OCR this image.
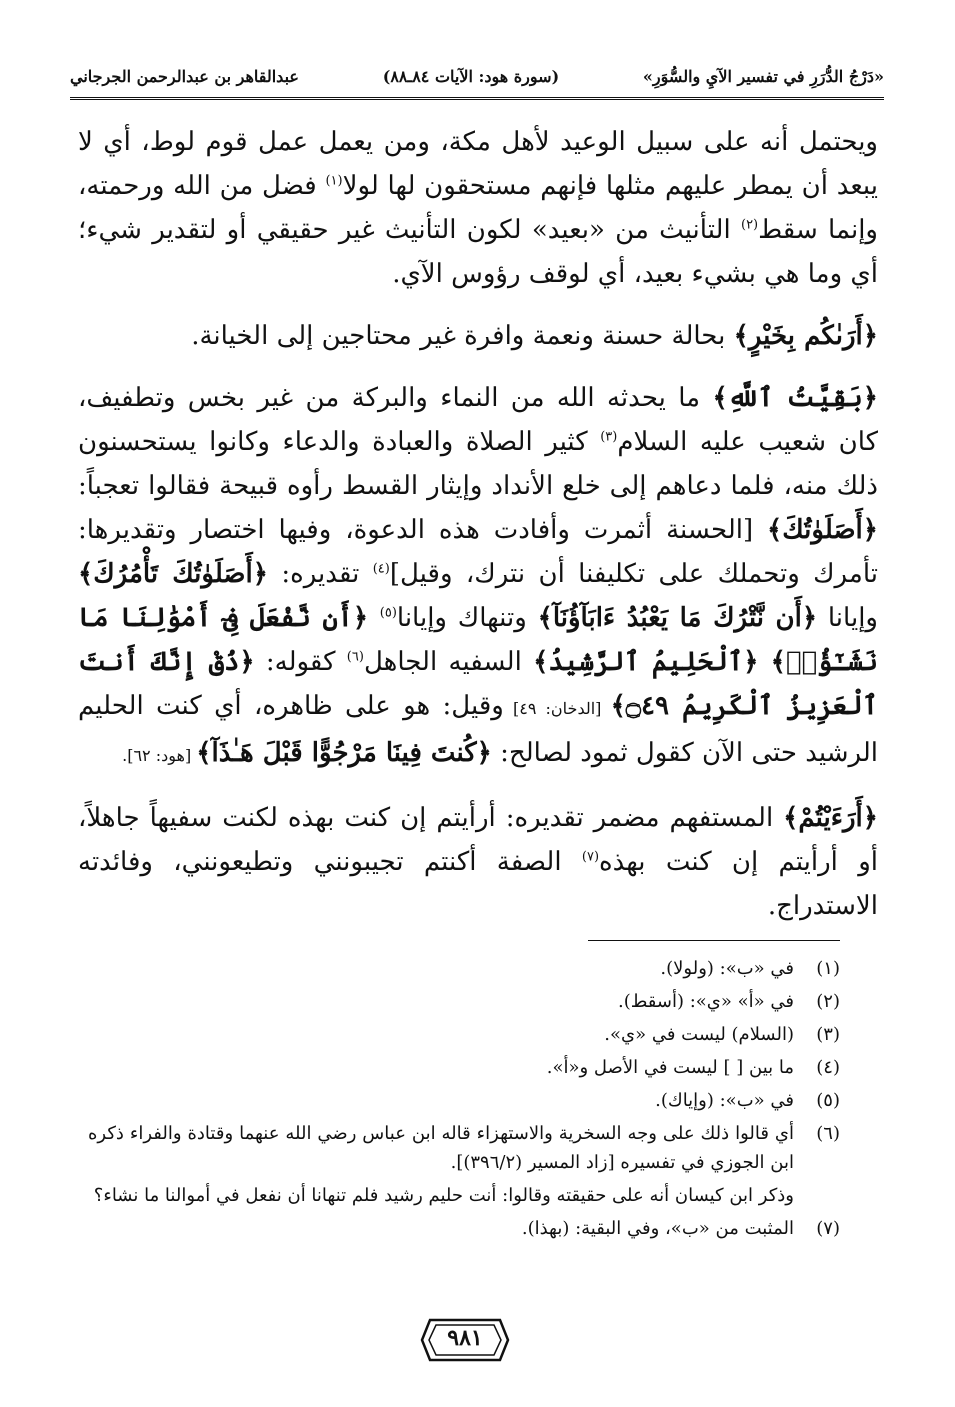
«دَرْجُ الدُّرَرِ في تفسير الآيِ والسُّوَرِ»
(سورة هود: الآيات ٨٤ـ٨٨)
عبدالقاهر بن عبدالرحمن الجرجاني

ويحتمل أنه على سبيل الوعيد لأهل مكة، ومن يعمل عمل قوم لوط، أي لا يبعد أن يمطر عليهم مثلها فإنهم مستحقون لها لولا$^{(١)}$ فضل من الله ورحمته، وإنما سقط$^{(٢)}$ التأنيث من «بعيد» لكون التأنيث غير حقيقي أو لتقدير شيء؛ أي وما هي بشيء بعيد، أي لوقف رؤوس الآي.

﴿أَرَىٰكُم بِخَيْرٍ﴾ بحالة حسنة ونعمة وافرة غير محتاجين إلى الخيانة.

﴿بَقِيَّتُ ٱللَّهِ﴾ ما يحدثه الله من النماء والبركة من غير بخس وتطفيف، كان شعيب عليه السلام$^{(٣)}$ كثير الصلاة والعبادة والدعاء وكانوا يستحسنون ذلك منه، فلما دعاهم إلى خلع الأنداد وإيثار القسط رأوه قبيحة فقالوا تعجباً: ﴿أَصَلَوٰتُكَ﴾ [الحسنة أثمرت وأفادت هذه الدعوة، وفيها اختصار وتقديرها: تأمرك وتحملك على تكليفنا أن نترك، وقيل]$^{(٤)}$ تقديره: ﴿أَصَلَوٰتُكَ تَأْمُرُكَ﴾ وإيانا ﴿أَن نَّتْرُكَ مَا يَعْبُدُ ءَابَآؤُنَآ﴾ وتنهاك وإيانا$^{(٥)}$ ﴿أَن نَّفْعَلَ فِىٓ أَمْوَٰلِنَا مَا نَشَـٰٓؤُا۟﴾ ﴿ٱلْحَلِيمُ ٱلرَّشِيدُ﴾ السفيه الجاهل$^{(٦)}$ كقوله: ﴿ذُقْ إِنَّكَ أَنتَ ٱلْعَزِيزُ ٱلْكَرِيمُ ۝٤٩﴾ [الدخان: ٤٩] وقيل: هو على ظاهره، أي كنت الحليم الرشيد حتى الآن كقول ثمود لصالح: ﴿كُنتَ فِينَا مَرْجُوًّا قَبْلَ هَـٰذَآ﴾ [هود: ٦٢].

﴿أَرَءَيْتُمْ﴾ المستفهم مضمر تقديره: أرأيتم إن كنت بهذه لكنت سفيهاً جاهلاً، أو أرأيتم إن كنت بهذه$^{(٧)}$ الصفة أكنتم تجيبونني وتطيعونني، وفائدته الاستدراج.

(١)
في «ب»: (ولولا).
(٢)
في «أ» «ي»: (أسقط).
(٣)
(السلام) ليست في «ي».
(٤)
ما بين [ ] ليست في الأصل و«أ».
(٥)
في «ب»: (وإياك).
(٦)
أي قالوا ذلك على وجه السخرية والاستهزاء قاله ابن عباس رضي الله عنهما وقتادة والفراء ذكره ابن الجوزي في تفسيره [زاد المسير (٣٩٦/٢)].
وذكر ابن كيسان أنه على حقيقته وقالوا: أنت حليم رشيد فلم تنهانا أن نفعل في أموالنا ما نشاء؟
(٧)
المثبت من «ب»، وفي البقية: (بهذا).
٩٨١
